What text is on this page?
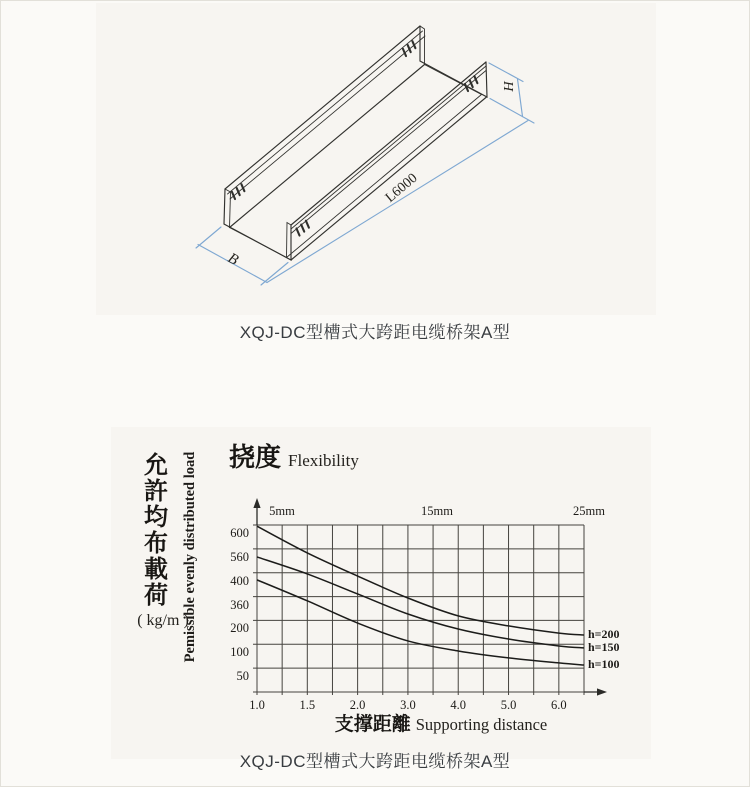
B
L6000
H
XQJ-DC型槽式大跨距电缆桥架A型
XQJ-DC型槽式大跨距电缆桥架A型
挠度 Flexibility
允
許
均
布
載
荷
( kg/m )
Pemissible evenly distributed load
支撑距離 Supporting distance
h=200
h=150
h=100
600
560
400
360
200
100
50
1.0	1.5	2.0	3.0	4.0	5.0	6.0
5mm	15mm	25mm
